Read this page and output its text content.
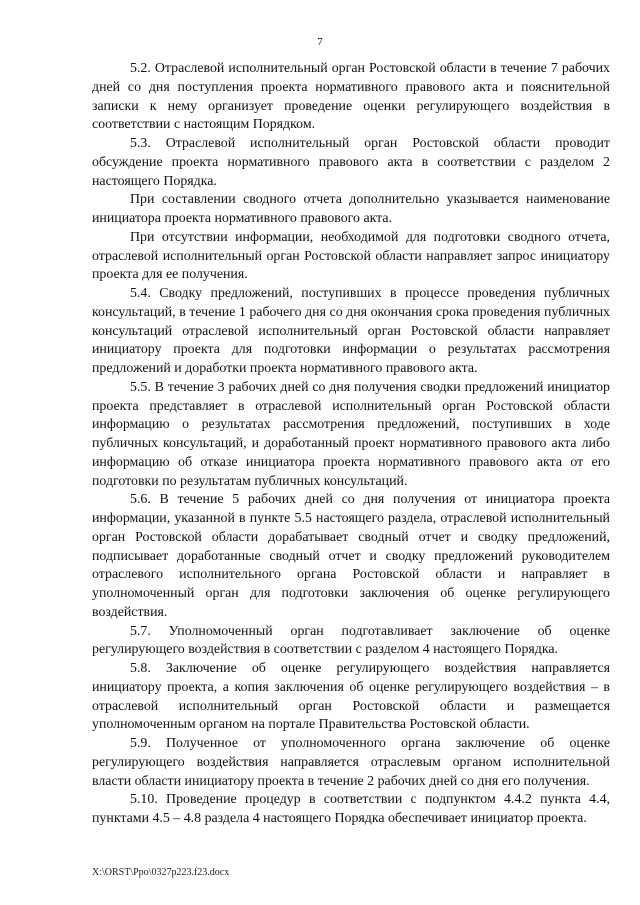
7

5.2. Отраслевой исполнительный орган Ростовской области в течение 7 рабочих дней со дня поступления проекта нормативного правового акта и пояснительной записки к нему организует проведение оценки регулирующего воздействия в соответствии с настоящим Порядком.

5.3. Отраслевой исполнительный орган Ростовской области проводит обсуждение проекта нормативного правового акта в соответствии с разделом 2 настоящего Порядка.

При составлении сводного отчета дополнительно указывается наименование инициатора проекта нормативного правового акта.

При отсутствии информации, необходимой для подготовки сводного отчета, отраслевой исполнительный орган Ростовской области направляет запрос инициатору проекта для ее получения.

5.4. Сводку предложений, поступивших в процессе проведения публичных консультаций, в течение 1 рабочего дня со дня окончания срока проведения публичных консультаций отраслевой исполнительный орган Ростовской области направляет инициатору проекта для подготовки информации о результатах рассмотрения предложений и доработки проекта нормативного правового акта.

5.5. В течение 3 рабочих дней со дня получения сводки предложений инициатор проекта представляет в отраслевой исполнительный орган Ростовской области информацию о результатах рассмотрения предложений, поступивших в ходе публичных консультаций, и доработанный проект нормативного правового акта либо информацию об отказе инициатора проекта нормативного правового акта от его подготовки по результатам публичных консультаций.

5.6. В течение 5 рабочих дней со дня получения от инициатора проекта информации, указанной в пункте 5.5 настоящего раздела, отраслевой исполнительный орган Ростовской области дорабатывает сводный отчет и сводку предложений, подписывает доработанные сводный отчет и сводку предложений руководителем отраслевого исполнительного органа Ростовской области и направляет в уполномоченный орган для подготовки заключения об оценке регулирующего воздействия.

5.7. Уполномоченный орган подготавливает заключение об оценке регулирующего воздействия в соответствии с разделом 4 настоящего Порядка.

5.8. Заключение об оценке регулирующего воздействия направляется инициатору проекта, а копия заключения об оценке регулирующего воздействия – в отраслевой исполнительный орган Ростовской области и размещается уполномоченным органом на портале Правительства Ростовской области.

5.9. Полученное от уполномоченного органа заключение об оценке регулирующего воздействия направляется отраслевым органом исполнительной власти области инициатору проекта в течение 2 рабочих дней со дня его получения.

5.10. Проведение процедур в соответствии с подпунктом 4.4.2 пункта 4.4, пунктами 4.5 – 4.8 раздела 4 настоящего Порядка обеспечивает инициатор проекта.

X:\ORST\Ppo\0327p223.f23.docx
